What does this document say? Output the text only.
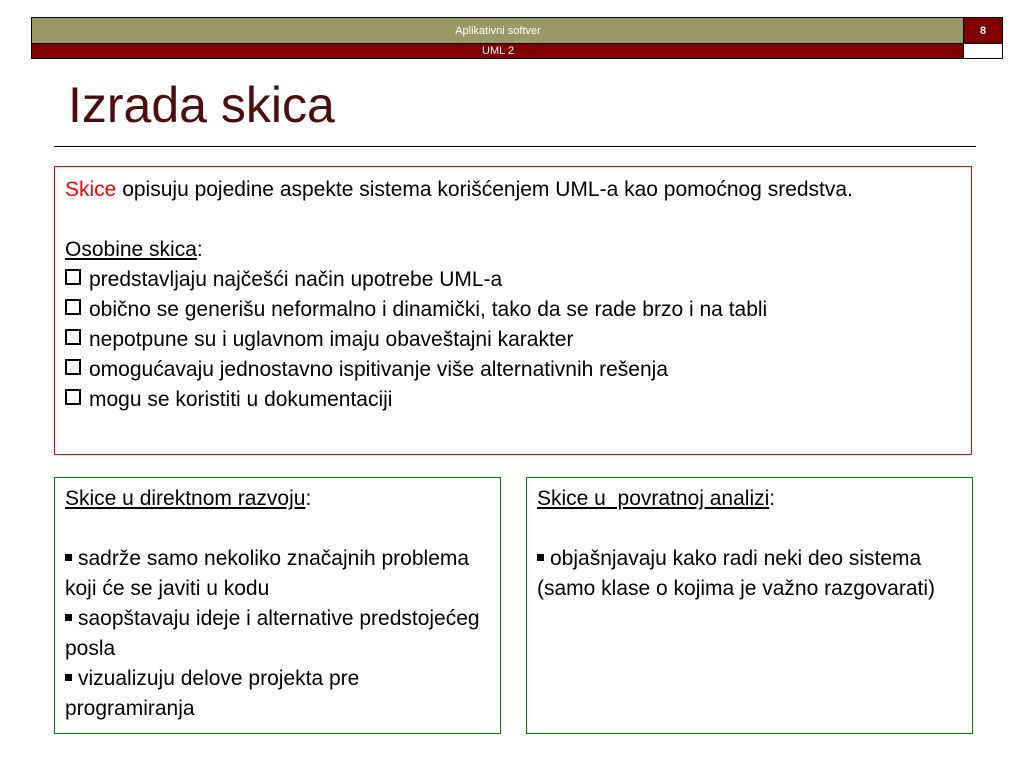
Aplikativni softver	8
UML 2
Izrada skica
Skice opisuju pojedine aspekte sistema korišćenjem UML-a kao pomoćnog sredstva.
Osobine skica:
predstavljaju najčešći način upotrebe UML-a
obično se generišu neformalno i dinamički, tako da se rade brzo i na tabli
nepotpune su i uglavnom imaju obaveštajni karakter
omogućavaju jednostavno ispitivanje više alternativnih rešenja
mogu se koristiti u dokumentaciji
Skice u direktnom razvoju:
sadrže samo nekoliko značajnih problema koji će se javiti u kodu
saopštavaju ideje i alternative predstojećeg posla
vizualizuju delove projekta pre programiranja
Skice u  povratnoj analizi:
objašnjavaju kako radi neki deo sistema (samo klase o kojima je važno razgovarati)
